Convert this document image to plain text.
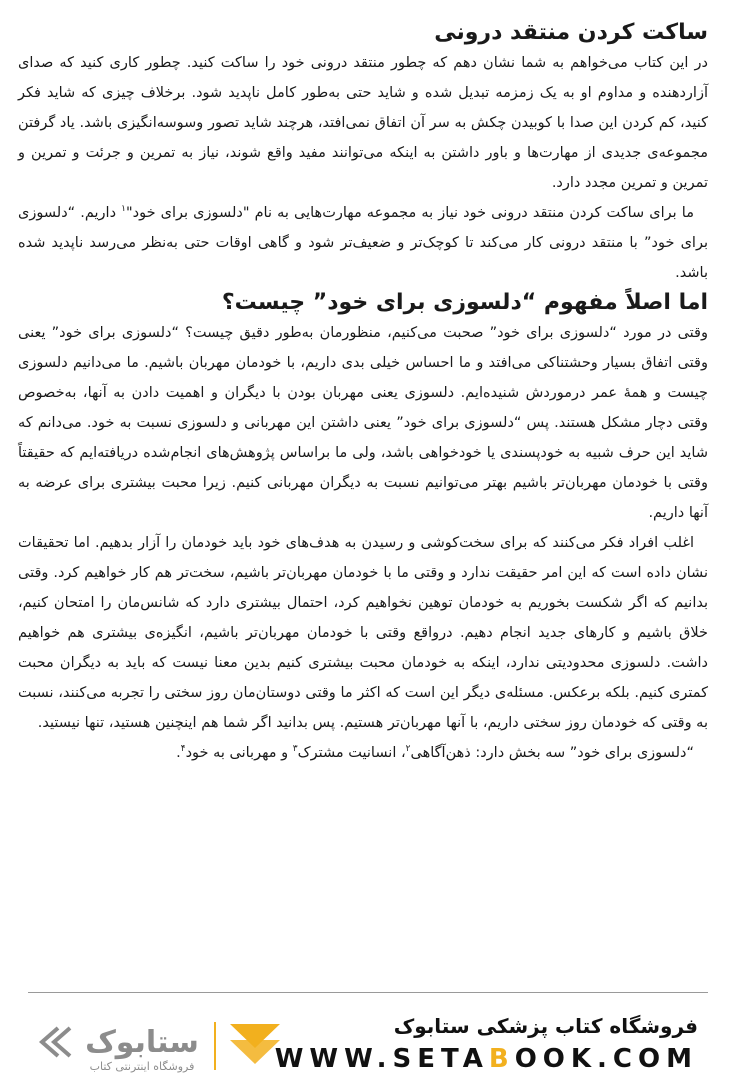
ساکت کردن منتقد درونی

در این کتاب می‌خواهم به شما نشان دهم که چطور منتقد درونی خود را ساکت کنید. چطور کاری کنید که صدای آزاردهنده و مداوم او به یک زمزمه تبدیل شده و شاید حتی به‌طور کامل ناپدید شود. برخلاف چیزی که شاید فکر کنید، کم کردن این صدا با کوبیدن چکش به سر آن اتفاق نمی‌افتد، هرچند شاید تصور وسوسه‌انگیزی باشد. یاد گرفتن مجموعه‌ی جدیدی از مهارت‌ها و باور داشتن به اینکه می‌توانند مفید واقع شوند، نیاز به تمرین و جرئت و تمرین و تمرین و تمرین مجدد دارد.

ما برای ساکت کردن منتقد درونی خود نیاز به مجموعه مهارت‌هایی به نام "دلسوزی برای خود"$^۱$ داریم. “دلسوزی برای خود” با منتقد درونی کار می‌کند تا کوچک‌تر و ضعیف‌تر شود و گاهی اوقات حتی به‌نظر می‌رسد ناپدید شده باشد.

اما اصلاً مفهوم “دلسوزی برای خود” چیست؟

وقتی در مورد “دلسوزی برای خود” صحبت می‌کنیم، منظورمان به‌طور دقیق چیست؟ “دلسوزی برای خود” یعنی وقتی اتفاق بسیار وحشتناکی می‌افتد و ما احساس خیلی بدی داریم، با خودمان مهربان باشیم. ما می‌دانیم دلسوزی چیست و همهٔ عمر درموردش شنیده‌ایم. دلسوزی یعنی مهربان بودن با دیگران و اهمیت دادن به آنها، به‌خصوص وقتی دچار مشکل هستند. پس “دلسوزی برای خود” یعنی داشتن این مهربانی و دلسوزی نسبت به خود. می‌دانم که شاید این حرف شبیه به خودپسندی یا خودخواهی باشد، ولی ما براساس پژوهش‌های انجام‌شده دریافته‌ایم که حقیقتاً وقتی با خودمان مهربان‌تر باشیم بهتر می‌توانیم نسبت به دیگران مهربانی کنیم. زیرا محبت بیشتری برای عرضه به آنها داریم.

اغلب افراد فکر می‌کنند که برای سخت‌کوشی و رسیدن به هدف‌های خود باید خودمان را آزار بدهیم. اما تحقیقات نشان داده است که این امر حقیقت ندارد و وقتی ما با خودمان مهربان‌تر باشیم، سخت‌تر هم کار خواهیم کرد. وقتی بدانیم که اگر شکست بخوریم به خودمان توهین نخواهیم کرد، احتمال بیشتری دارد که شانس‌مان را امتحان کنیم، خلاق باشیم و کارهای جدید انجام دهیم. درواقع وقتی با خودمان مهربان‌تر باشیم، انگیزه‌ی بیشتری هم خواهیم داشت. دلسوزی محدودیتی ندارد، اینکه به خودمان محبت بیشتری کنیم بدین معنا نیست که باید به دیگران محبت کمتری کنیم. بلکه برعکس. مسئله‌ی دیگر این است که اکثر ما وقتی دوستان‌مان روز سختی را تجربه می‌کنند، نسبت به وقتی که خودمان روز سختی داریم، با آنها مهربان‌تر هستیم. پس بدانید اگر شما هم اینچنین هستید، تنها نیستید.

“دلسوزی برای خود” سه بخش دارد: ذهن‌آگاهی$^۲$، انسانیت مشترک$^۳$ و مهربانی به خود$^۴$.

ستابوک
فروشگاه اینترنتی کتاب
فروشگاه کتاب پزشکی ستابوک
WWW.SETABOOK.COM
